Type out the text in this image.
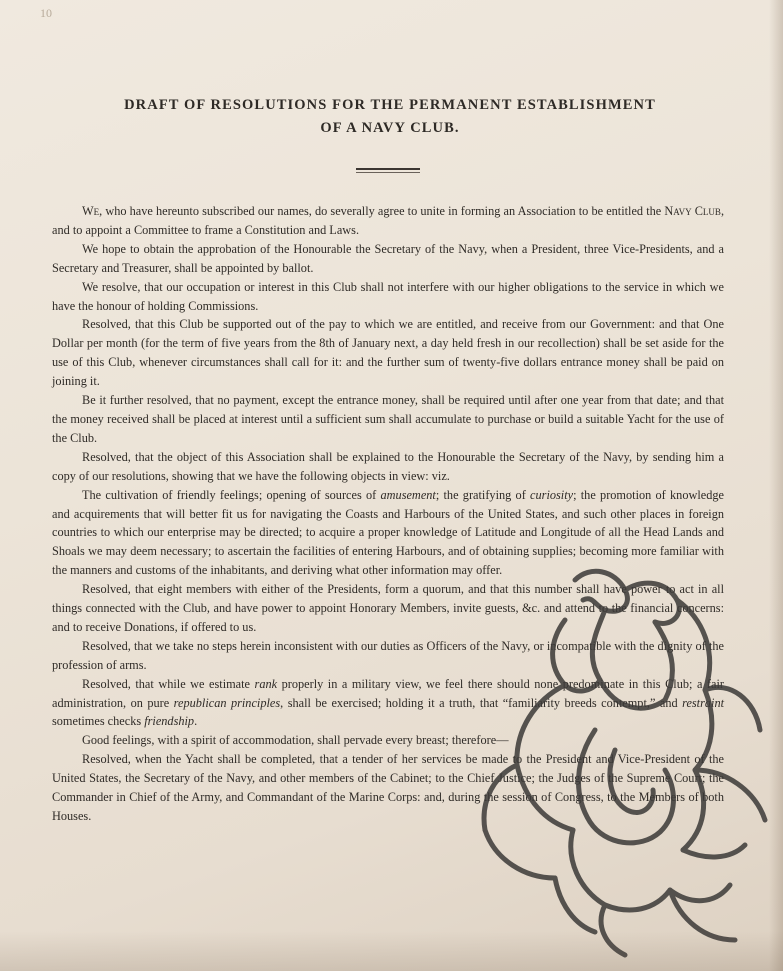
10
DRAFT OF RESOLUTIONS FOR THE PERMANENT ESTABLISHMENT
OF A NAVY CLUB.

We, who have hereunto subscribed our names, do severally agree to unite in forming an Association to be entitled the Navy Club, and to appoint a Committee to frame a Constitution and Laws.

We hope to obtain the approbation of the Honourable the Secretary of the Navy, when a President, three Vice-Presidents, and a Secretary and Treasurer, shall be appointed by ballot.

We resolve, that our occupation or interest in this Club shall not interfere with our higher obligations to the service in which we have the honour of holding Commissions.

Resolved, that this Club be supported out of the pay to which we are entitled, and receive from our Government: and that One Dollar per month (for the term of five years from the 8th of January next, a day held fresh in our recollection) shall be set aside for the use of this Club, whenever circumstances shall call for it: and the further sum of twenty-five dollars entrance money shall be paid on joining it.

Be it further resolved, that no payment, except the entrance money, shall be required until after one year from that date; and that the money received shall be placed at interest until a sufficient sum shall accumulate to purchase or build a suitable Yacht for the use of the Club.

Resolved, that the object of this Association shall be explained to the Honourable the Secretary of the Navy, by sending him a copy of our resolutions, showing that we have the following objects in view: viz.

The cultivation of friendly feelings; opening of sources of amusement; the gratifying of curiosity; the promotion of knowledge and acquirements that will better fit us for navigating the Coasts and Harbours of the United States, and such other places in foreign countries to which our enterprise may be directed; to acquire a proper knowledge of Latitude and Longitude of all the Head Lands and Shoals we may deem necessary; to ascertain the facilities of entering Harbours, and of obtaining supplies; becoming more familiar with the manners and customs of the inhabitants, and deriving what other information may offer.

Resolved, that eight members with either of the Presidents, form a quorum, and that this number shall have power to act in all things connected with the Club, and have power to appoint Honorary Members, invite guests, &c. and attend to the financial concerns: and to receive Donations, if offered to us.

Resolved, that we take no steps herein inconsistent with our duties as Officers of the Navy, or incompatible with the dignity of the profession of arms.

Resolved, that while we estimate rank properly in a military view, we feel there should none predominate in this Club; a fair administration, on pure republican principles, shall be exercised; holding it a truth, that “familiarity breeds contempt,” and restraint sometimes checks friendship.

Good feelings, with a spirit of accommodation, shall pervade every breast; therefore—

Resolved, when the Yacht shall be completed, that a tender of her services be made to the President and Vice-President of the United States, the Secretary of the Navy, and other members of the Cabinet; to the Chief Justice; the Judges of the Supreme Court; the Commander in Chief of the Army, and Commandant of the Marine Corps: and, during the session of Congress, to the Members of both Houses.
